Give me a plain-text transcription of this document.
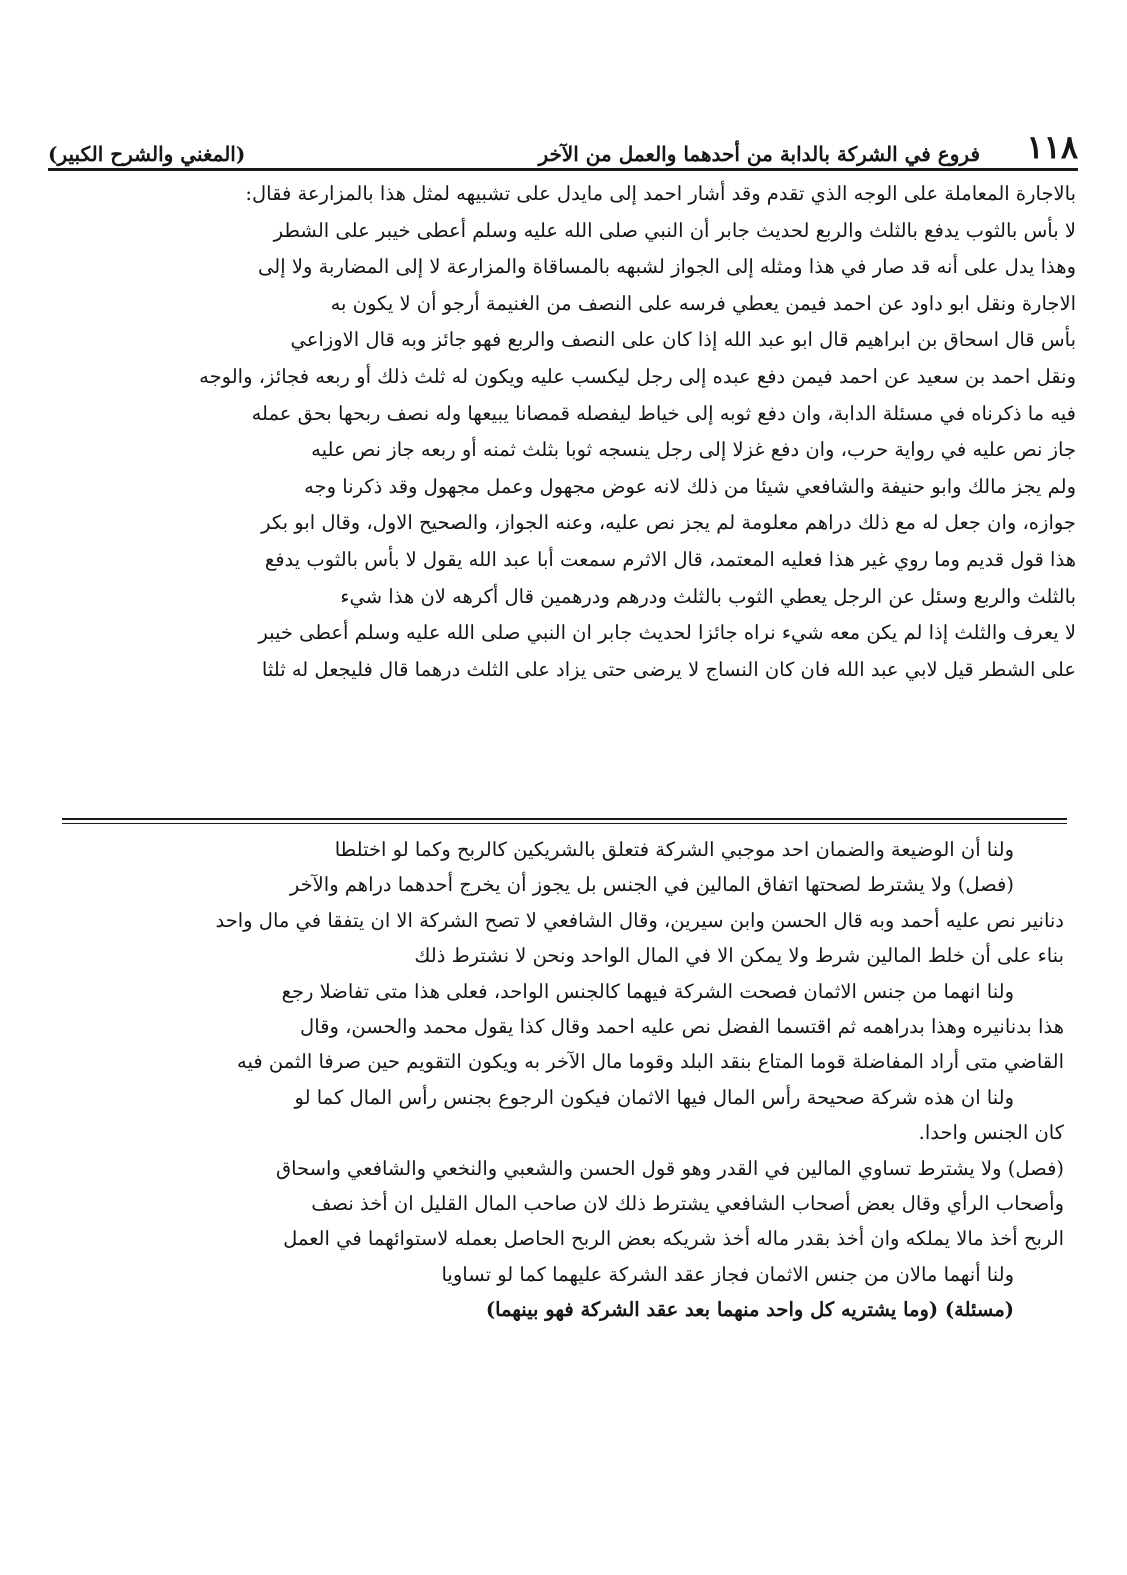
١١٨
فروع في الشركة بالدابة من أحدهما والعمل من الآخر
(المغني والشرح الكبير)
بالاجارة المعاملة على الوجه الذي تقدم وقد أشار احمد إلى مايدل على تشبيهه لمثل هذا بالمزارعة فقال:
لا بأس بالثوب يدفع بالثلث والربع لحديث جابر أن النبي صلى الله عليه وسلم أعطى خيبر على الشطر
وهذا يدل على أنه قد صار في هذا ومثله إلى الجواز لشبهه بالمساقاة والمزارعة لا إلى المضاربة ولا إلى
الاجارة ونقل ابو داود عن احمد فيمن يعطي فرسه على النصف من الغنيمة أرجو أن لا يكون به
بأس قال اسحاق بن ابراهيم قال ابو عبد الله إذا كان على النصف والربع فهو جائز وبه قال الاوزاعي
ونقل احمد بن سعيد عن احمد فيمن دفع عبده إلى رجل ليكسب عليه ويكون له ثلث ذلك أو ربعه فجائز، والوجه
فيه ما ذكرناه في مسئلة الدابة، وان دفع ثوبه إلى خياط ليفصله قمصانا يبيعها وله نصف ربحها بحق عمله
جاز نص عليه في رواية حرب، وان دفع غزلا إلى رجل ينسجه ثوبا بثلث ثمنه أو ربعه جاز نص عليه
ولم يجز مالك وابو حنيفة والشافعي شيئا من ذلك لانه عوض مجهول وعمل مجهول وقد ذكرنا وجه
جوازه، وان جعل له مع ذلك دراهم معلومة لم يجز نص عليه، وعنه الجواز، والصحيح الاول، وقال ابو بكر
هذا قول قديم وما روي غير هذا فعليه المعتمد، قال الاثرم سمعت أبا عبد الله يقول لا بأس بالثوب يدفع
بالثلث والربع وسئل عن الرجل يعطي الثوب بالثلث ودرهم ودرهمين قال أكرهه لان هذا شيء
لا يعرف والثلث إذا لم يكن معه شيء نراه جائزا لحديث جابر ان النبي صلى الله عليه وسلم أعطى خيبر
على الشطر قيل لابي عبد الله فان كان النساج لا يرضى حتى يزاد على الثلث درهما قال فليجعل له ثلثا
ولنا أن الوضيعة والضمان احد موجبي الشركة فتعلق بالشريكين كالربح وكما لو اختلطا
(فصل) ولا يشترط لصحتها اتفاق المالين في الجنس بل يجوز أن يخرج أحدهما دراهم والآخر
دنانير نص عليه أحمد وبه قال الحسن وابن سيرين، وقال الشافعي لا تصح الشركة الا ان يتفقا في مال واحد
بناء على أن خلط المالين شرط ولا يمكن الا في المال الواحد ونحن لا نشترط ذلك
ولنا انهما من جنس الاثمان فصحت الشركة فيهما كالجنس الواحد، فعلى هذا متى تفاضلا رجع
هذا بدنانيره وهذا بدراهمه ثم اقتسما الفضل نص عليه احمد وقال كذا يقول محمد والحسن، وقال
القاضي متى أراد المفاضلة قوما المتاع بنقد البلد وقوما مال الآخر به ويكون التقويم حين صرفا الثمن فيه
ولنا ان هذه شركة صحيحة رأس المال فيها الاثمان فيكون الرجوع بجنس رأس المال كما لو
كان الجنس واحدا.
(فصل) ولا يشترط تساوي المالين في القدر وهو قول الحسن والشعبي والنخعي والشافعي واسحاق
وأصحاب الرأي وقال بعض أصحاب الشافعي يشترط ذلك لان صاحب المال القليل ان أخذ نصف
الربح أخذ مالا يملكه وان أخذ بقدر ماله أخذ شريكه بعض الربح الحاصل بعمله لاستوائهما في العمل
ولنا أنهما مالان من جنس الاثمان فجاز عقد الشركة عليهما كما لو تساويا
(مسئلة) (وما يشتريه كل واحد منهما بعد عقد الشركة فهو بينهما)
